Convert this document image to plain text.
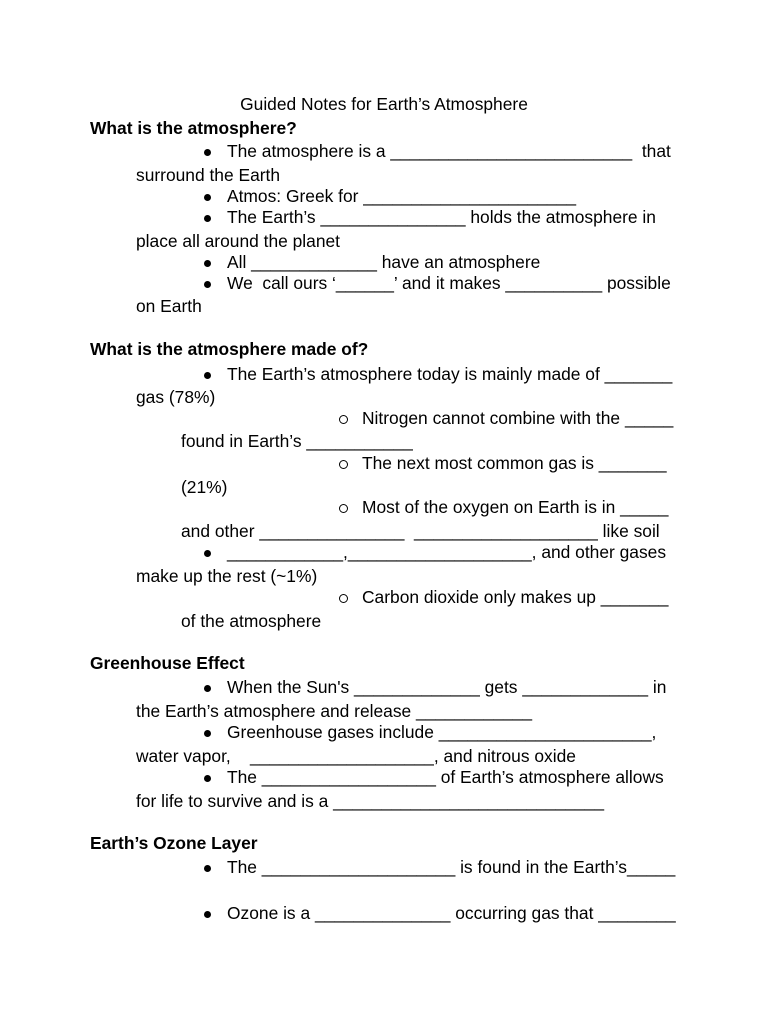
Guided Notes for Earth’s Atmosphere
What is the atmosphere?
The atmosphere is a _________________________  that
surround the Earth
Atmos: Greek for ______________________
The Earth’s _______________ holds the atmosphere in
place all around the planet
All _____________ have an atmosphere
We  call ours ‘______’ and it makes __________ possible
on Earth
What is the atmosphere made of?
The Earth’s atmosphere today is mainly made of _______
gas (78%)
Nitrogen cannot combine with the _____
found in Earth’s ___________
The next most common gas is _______
(21%)
Most of the oxygen on Earth is in _____
and other _______________  ___________________ like soil
____________,___________________, and other gases
make up the rest (~1%)
Carbon dioxide only makes up _______
of the atmosphere
Greenhouse Effect
When the Sun's _____________ gets _____________ in
the Earth’s atmosphere and release ____________
Greenhouse gases include ______________________,
water vapor,    ___________________, and nitrous oxide
The __________________ of Earth’s atmosphere allows
for life to survive and is a ____________________________
Earth’s Ozone Layer
The ____________________ is found in the Earth’s_____
Ozone is a ______________ occurring gas that ________
